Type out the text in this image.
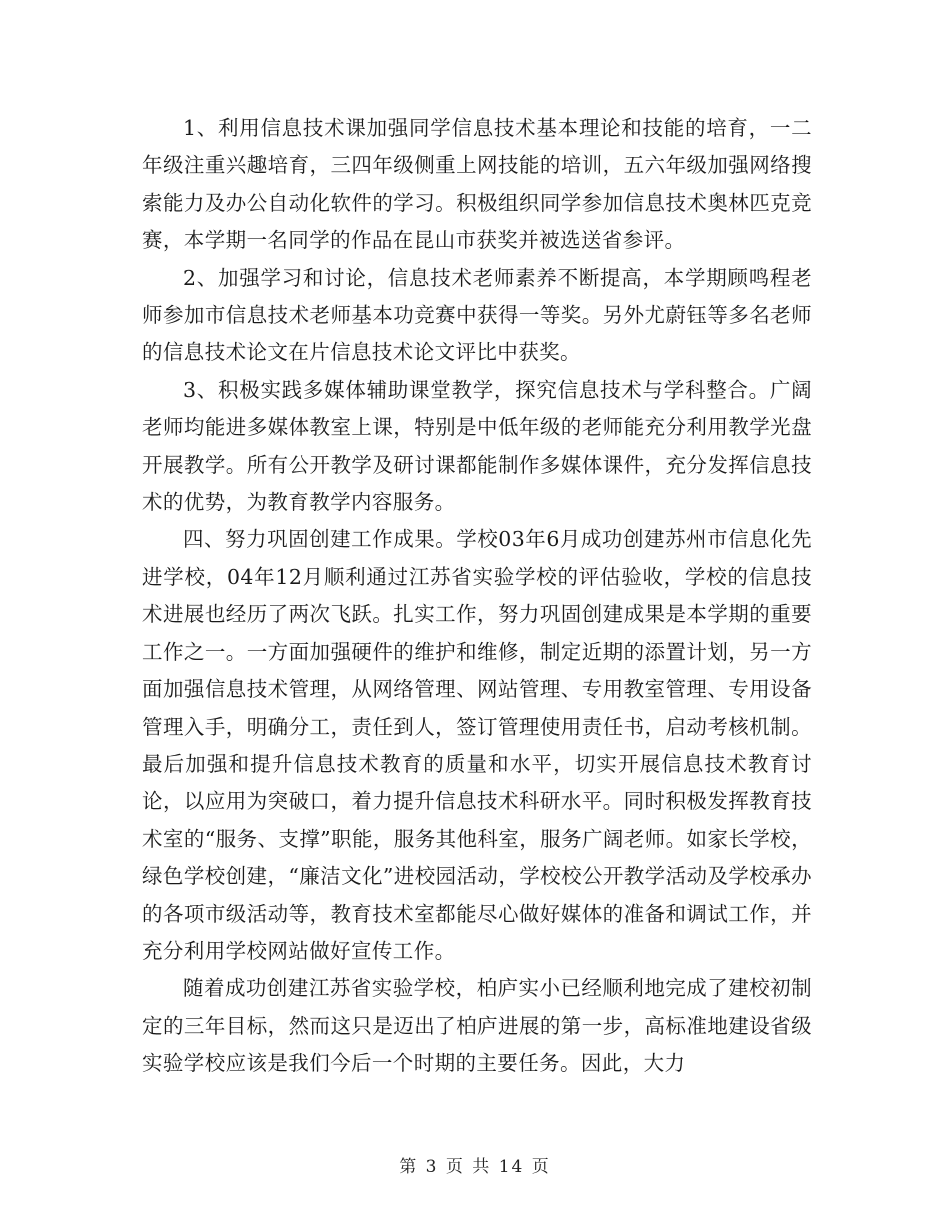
1、利用信息技术课加强同学信息技术基本理论和技能的培育，一二年级注重兴趣培育，三四年级侧重上网技能的培训，五六年级加强网络搜索能力及办公自动化软件的学习。积极组织同学参加信息技术奥林匹克竞赛，本学期一名同学的作品在昆山市获奖并被选送省参评。

2、加强学习和讨论，信息技术老师素养不断提高，本学期顾鸣程老师参加市信息技术老师基本功竞赛中获得一等奖。另外尤蔚钰等多名老师的信息技术论文在片信息技术论文评比中获奖。

3、积极实践多媒体辅助课堂教学，探究信息技术与学科整合。广阔老师均能进多媒体教室上课，特别是中低年级的老师能充分利用教学光盘开展教学。所有公开教学及研讨课都能制作多媒体课件，充分发挥信息技术的优势，为教育教学内容服务。

四、努力巩固创建工作成果。学校03年6月成功创建苏州市信息化先进学校，04年12月顺利通过江苏省实验学校的评估验收，学校的信息技术进展也经历了两次飞跃。扎实工作，努力巩固创建成果是本学期的重要工作之一。一方面加强硬件的维护和维修，制定近期的添置计划，另一方面加强信息技术管理，从网络管理、网站管理、专用教室管理、专用设备管理入手，明确分工，责任到人，签订管理使用责任书，启动考核机制。最后加强和提升信息技术教育的质量和水平，切实开展信息技术教育讨论，以应用为突破口，着力提升信息技术科研水平。同时积极发挥教育技术室的“服务、支撑”职能，服务其他科室，服务广阔老师。如家长学校，绿色学校创建，“廉洁文化”进校园活动，学校校公开教学活动及学校承办的各项市级活动等，教育技术室都能尽心做好媒体的准备和调试工作，并充分利用学校网站做好宣传工作。

随着成功创建江苏省实验学校，柏庐实小已经顺利地完成了建校初制定的三年目标，然而这只是迈出了柏庐进展的第一步，高标准地建设省级实验学校应该是我们今后一个时期的主要任务。因此，大力

第 3 页 共 14 页
